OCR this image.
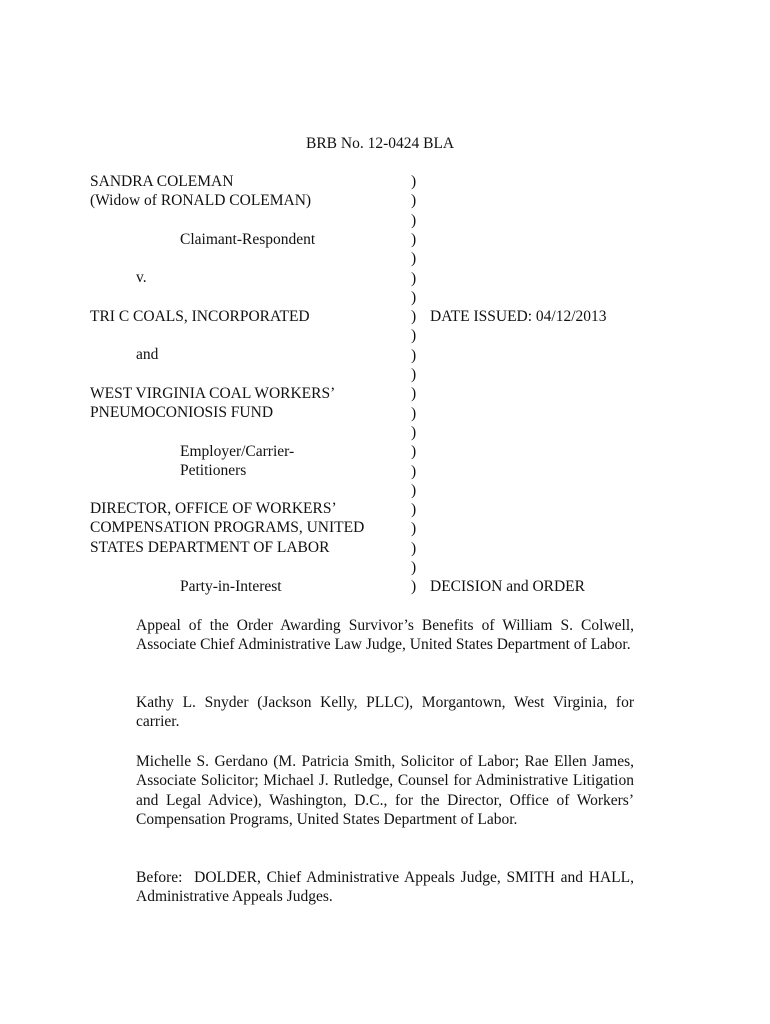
BRB No. 12-0424 BLA
SANDRA COLEMAN
(Widow of RONALD COLEMAN)
Claimant-Respondent
v.
TRI C COALS, INCORPORATED
and
WEST VIRGINIA COAL WORKERS’
PNEUMOCONIOSIS FUND
Employer/Carrier-
Petitioners
DIRECTOR, OFFICE OF WORKERS’
COMPENSATION PROGRAMS, UNITED
STATES DEPARTMENT OF LABOR
Party-in-Interest
)
)
)
)
)
)
)
)
)
)
)
)
)
)
)
)
)
)
)
)
)
)
DATE ISSUED: 04/12/2013
DECISION and ORDER
Appeal of the Order Awarding Survivor’s Benefits of William S. Colwell, Associate Chief Administrative Law Judge, United States Department of Labor.
Kathy L. Snyder (Jackson Kelly, PLLC), Morgantown, West Virginia, for carrier.
Michelle S. Gerdano (M. Patricia Smith, Solicitor of Labor; Rae Ellen James, Associate Solicitor; Michael J. Rutledge, Counsel for Administrative Litigation and Legal Advice), Washington, D.C., for the Director, Office of Workers’ Compensation Programs, United States Department of Labor.
Before:  DOLDER, Chief Administrative Appeals Judge, SMITH and HALL, Administrative Appeals Judges.
